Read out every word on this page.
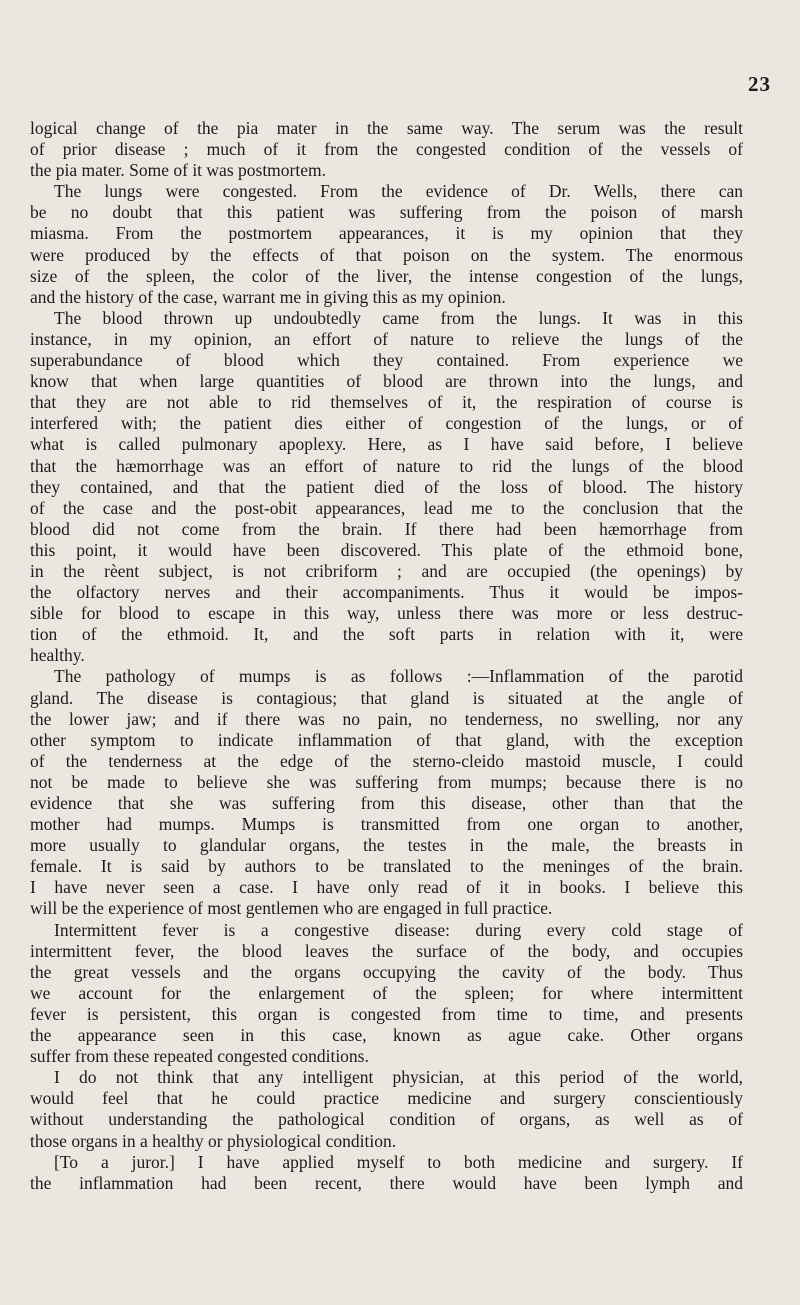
23
logical change of the pia mater in the same way. The serum was the result
of prior disease ; much of it from the congested condition of the vessels of
the pia mater. Some of it was postmortem.
The lungs were congested. From the evidence of Dr. Wells, there can
be no doubt that this patient was suffering from the poison of marsh
miasma. From the postmortem appearances, it is my opinion that they
were produced by the effects of that poison on the system. The enormous
size of the spleen, the color of the liver, the intense congestion of the lungs,
and the history of the case, warrant me in giving this as my opinion.
The blood thrown up undoubtedly came from the lungs. It was in this
instance, in my opinion, an effort of nature to relieve the lungs of the
superabundance of blood which they contained. From experience we
know that when large quantities of blood are thrown into the lungs, and
that they are not able to rid themselves of it, the respiration of course is
interfered with; the patient dies either of congestion of the lungs, or of
what is called pulmonary apoplexy. Here, as I have said before, I believe
that the hæmorrhage was an effort of nature to rid the lungs of the blood
they contained, and that the patient died of the loss of blood. The history
of the case and the post-obit appearances, lead me to the conclusion that the
blood did not come from the brain. If there had been hæmorrhage from
this point, it would have been discovered. This plate of the ethmoid bone,
in the rèent subject, is not cribriform ; and are occupied (the openings) by
the olfactory nerves and their accompaniments. Thus it would be impos-
sible for blood to escape in this way, unless there was more or less destruc-
tion of the ethmoid. It, and the soft parts in relation with it, were
healthy.
The pathology of mumps is as follows :—Inflammation of the parotid
gland. The disease is contagious; that gland is situated at the angle of
the lower jaw; and if there was no pain, no tenderness, no swelling, nor any
other symptom to indicate inflammation of that gland, with the exception
of the tenderness at the edge of the sterno-cleido mastoid muscle, I could
not be made to believe she was suffering from mumps; because there is no
evidence that she was suffering from this disease, other than that the
mother had mumps. Mumps is transmitted from one organ to another,
more usually to glandular organs, the testes in the male, the breasts in
female. It is said by authors to be translated to the meninges of the brain.
I have never seen a case. I have only read of it in books. I believe this
will be the experience of most gentlemen who are engaged in full practice.
Intermittent fever is a congestive disease: during every cold stage of
intermittent fever, the blood leaves the surface of the body, and occupies
the great vessels and the organs occupying the cavity of the body. Thus
we account for the enlargement of the spleen; for where intermittent
fever is persistent, this organ is congested from time to time, and presents
the appearance seen in this case, known as ague cake. Other organs
suffer from these repeated congested conditions.
I do not think that any intelligent physician, at this period of the world,
would feel that he could practice medicine and surgery conscientiously
without understanding the pathological condition of organs, as well as of
those organs in a healthy or physiological condition.
[To a juror.] I have applied myself to both medicine and surgery. If
the inflammation had been recent, there would have been lymph and
